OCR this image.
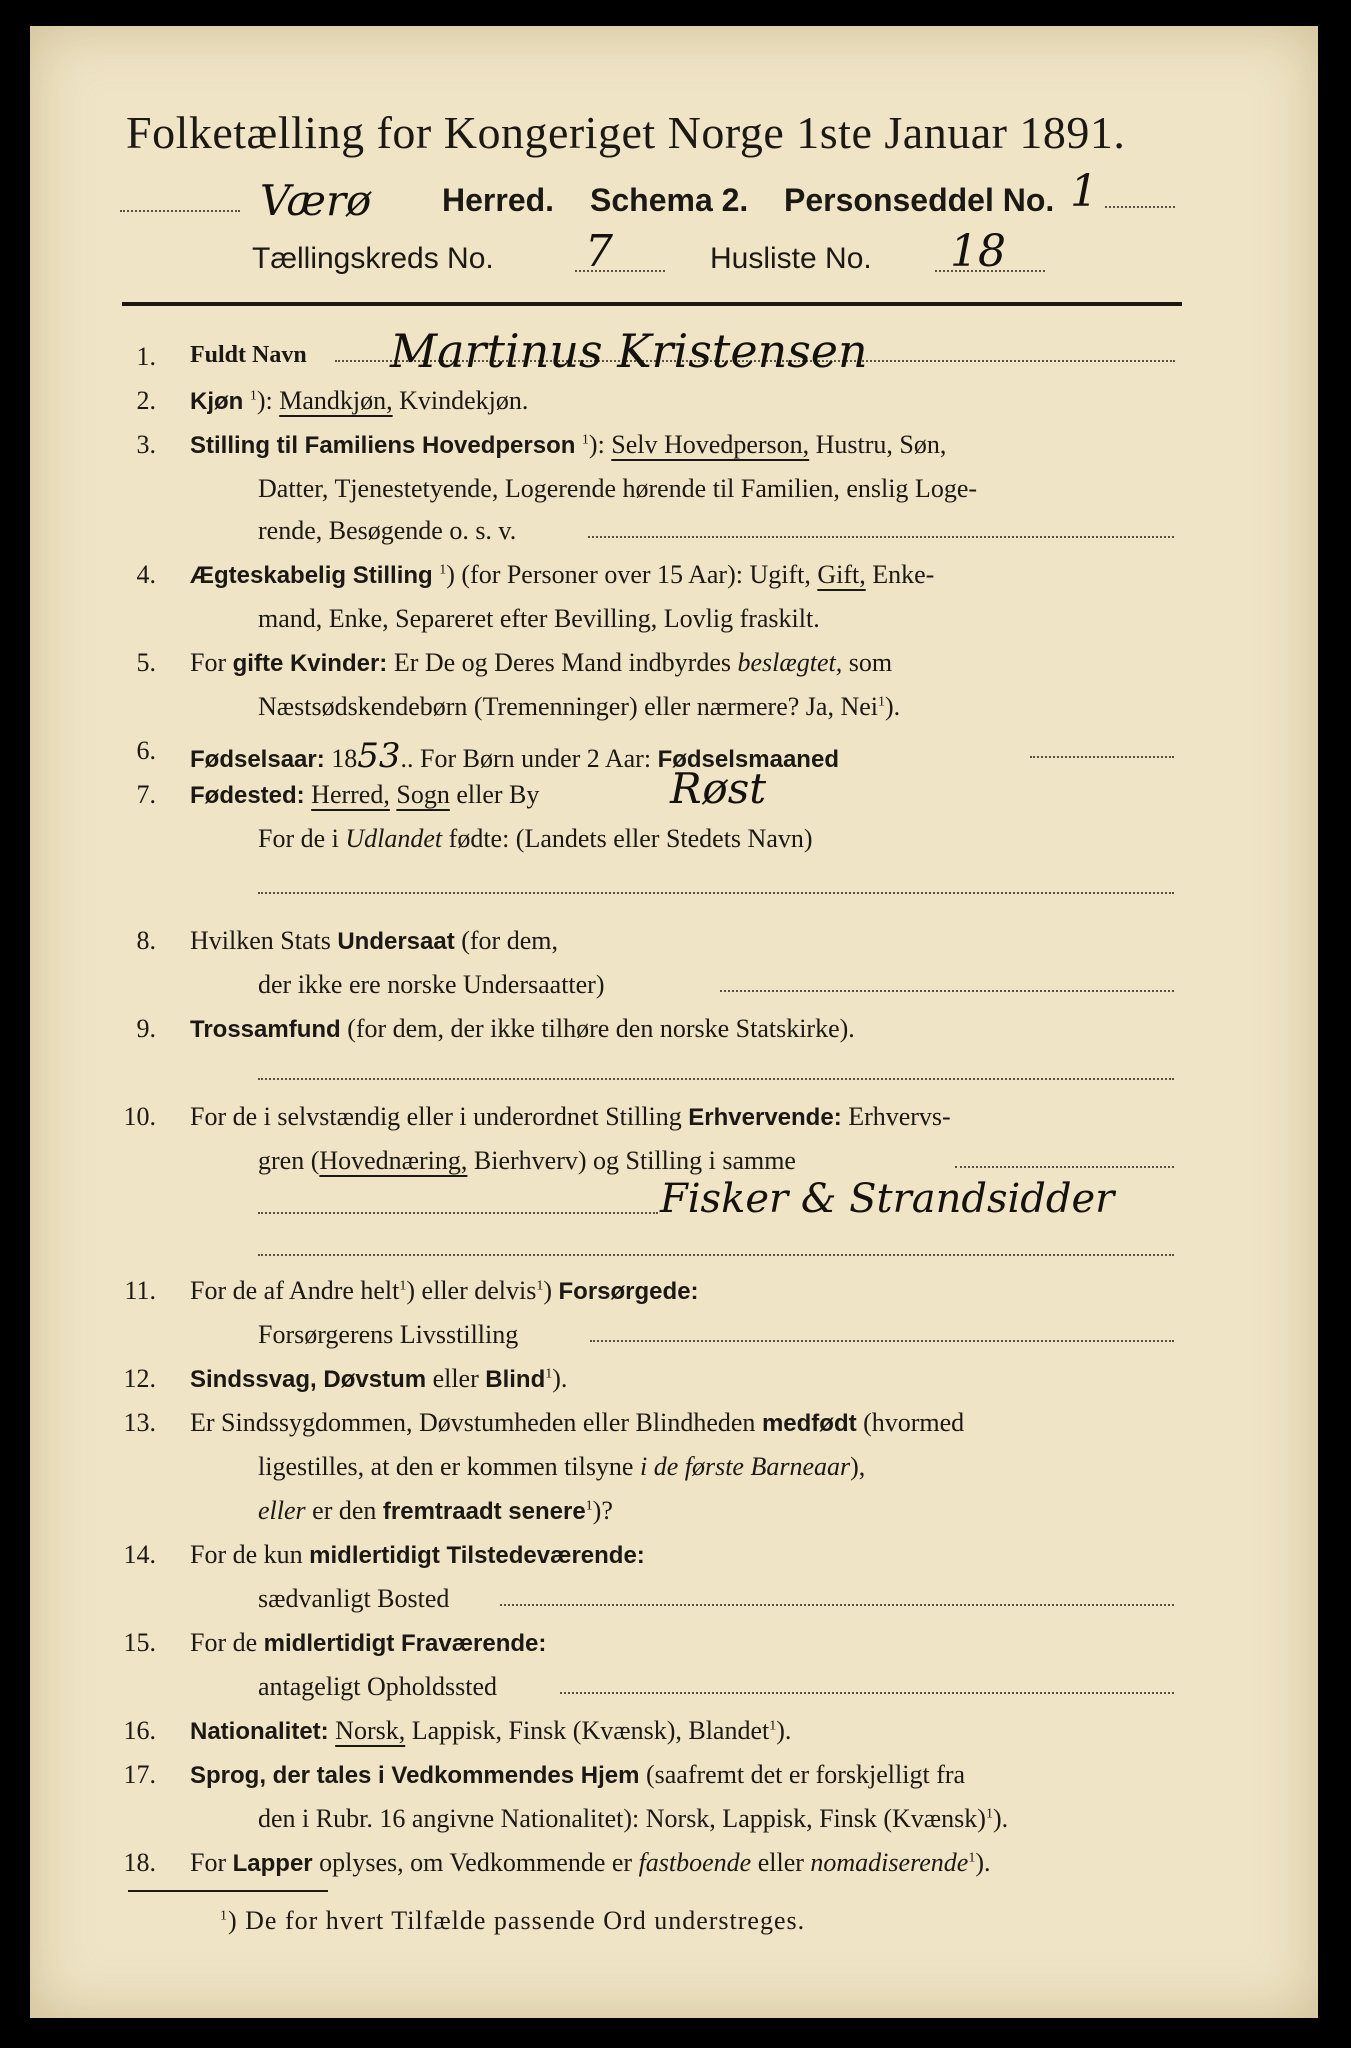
Folketælling for Kongeriget Norge 1ste Januar 1891.
Værø Herred. Schema 2. Personseddel No. 1
Tællingskreds No. 7	Husliste No. 18
1. Fuldt Navn Martinus Kristensen
2. Kjøn $^1$): Mandkjøn, Kvindekjøn.
3. Stilling til Familiens Hovedperson $^1$): Selv Hovedperson, Hustru, Søn,
Datter, Tjenestetyende, Logerende hørende til Familien, enslig Loge-
rende, Besøgende o. s. v.
4. Ægteskabelig Stilling $^1$) (for Personer over 15 Aar): Ugift, Gift, Enke-
mand, Enke, Separeret efter Bevilling, Lovlig fraskilt.
5. For gifte Kvinder: Er De og Deres Mand indbyrdes beslægtet, som
Næstsødskendebørn (Tremenninger) eller nærmere? Ja, Nei$^1$).
6. Fødselsaar: 1853.. For Børn under 2 Aar: Fødselsmaaned
7. Fødested: Herred, Sogn eller By	Røst
For de i Udlandet fødte: (Landets eller Stedets Navn)
8. Hvilken Stats Undersaat (for dem,
der ikke ere norske Undersaatter)
9. Trossamfund (for dem, der ikke tilhøre den norske Statskirke).
10. For de i selvstændig eller i underordnet Stilling Erhvervende: Erhvervs-
gren (Hovednæring, Bierhverv) og Stilling i samme
Fisker & Strandsidder
11. For de af Andre helt$^1$) eller delvis$^1$) Forsørgede:
Forsørgerens Livsstilling
12. Sindssvag, Døvstum eller Blind$^1$).
13. Er Sindssygdommen, Døvstumheden eller Blindheden medfødt (hvormed
ligestilles, at den er kommen tilsyne i de første Barneaar),
eller er den fremtraadt senere$^1$)?
14. For de kun midlertidigt Tilstedeværende:
sædvanligt Bosted
15. For de midlertidigt Fraværende:
antageligt Opholdssted
16. Nationalitet: Norsk, Lappisk, Finsk (Kvænsk), Blandet$^1$).
17. Sprog, der tales i Vedkommendes Hjem (saafremt det er forskjelligt fra
den i Rubr. 16 angivne Nationalitet): Norsk, Lappisk, Finsk (Kvænsk)$^1$).
18. For Lapper oplyses, om Vedkommende er fastboende eller nomadiserende$^1$).
$^1$) De for hvert Tilfælde passende Ord understreges.
